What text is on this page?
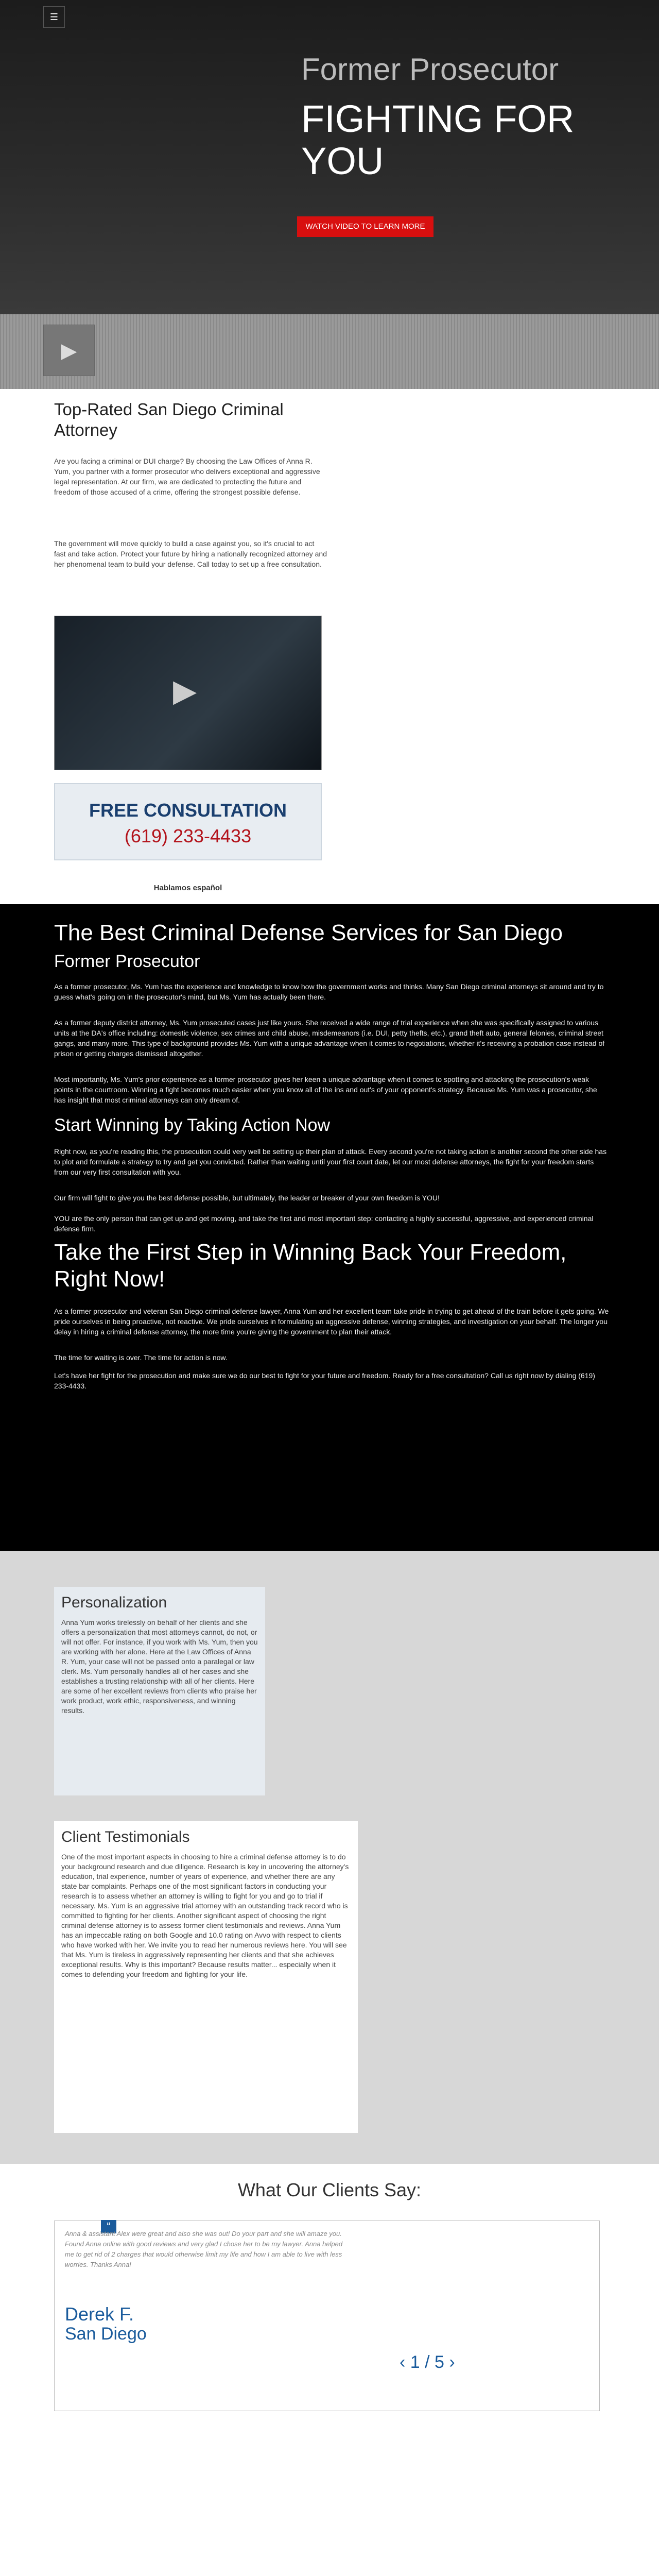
☰
Former Prosecutor
FIGHTING FOR YOU
WATCH VIDEO TO LEARN MORE
▶
Top-Rated San Diego Criminal Attorney

Are you facing a criminal or DUI charge? By choosing the Law Offices of Anna R. Yum, you partner with a former prosecutor who delivers exceptional and aggressive legal representation. At our firm, we are dedicated to protecting the future and freedom of those accused of a crime, offering the strongest possible defense.

The government will move quickly to build a case against you, so it's crucial to act fast and take action. Protect your future by hiring a nationally recognized attorney and her phenomenal team to build your defense. Call today to set up a free consultation.

▶
FREE CONSULTATION
(619) 233-4433
Hablamos español
The Best Criminal Defense Services for San Diego
Former Prosecutor

As a former prosecutor, Ms. Yum has the experience and knowledge to know how the government works and thinks. Many San Diego criminal attorneys sit around and try to guess what's going on in the prosecutor's mind, but Ms. Yum has actually been there.

As a former deputy district attorney, Ms. Yum prosecuted cases just like yours. She received a wide range of trial experience when she was specifically assigned to various units at the DA's office including: domestic violence, sex crimes and child abuse, misdemeanors (i.e. DUI, petty thefts, etc.), grand theft auto, general felonies, criminal street gangs, and many more. This type of background provides Ms. Yum with a unique advantage when it comes to negotiations, whether it's receiving a probation case instead of prison or getting charges dismissed altogether.

Most importantly, Ms. Yum's prior experience as a former prosecutor gives her keen a unique advantage when it comes to spotting and attacking the prosecution's weak points in the courtroom. Winning a fight becomes much easier when you know all of the ins and out's of your opponent's strategy. Because Ms. Yum was a prosecutor, she has insight that most criminal attorneys can only dream of.

Start Winning by Taking Action Now

Right now, as you're reading this, the prosecution could very well be setting up their plan of attack. Every second you're not taking action is another second the other side has to plot and formulate a strategy to try and get you convicted. Rather than waiting until your first court date, let our most defense attorneys, the fight for your freedom starts from our very first consultation with you.

Our firm will fight to give you the best defense possible, but ultimately, the leader or breaker of your own freedom is YOU!

YOU are the only person that can get up and get moving, and take the first and most important step: contacting a highly successful, aggressive, and experienced criminal defense firm.

Take the First Step in Winning Back Your Freedom, Right Now!

As a former prosecutor and veteran San Diego criminal defense lawyer, Anna Yum and her excellent team take pride in trying to get ahead of the train before it gets going. We pride ourselves in being proactive, not reactive. We pride ourselves in formulating an aggressive defense, winning strategies, and investigation on your behalf. The longer you delay in hiring a criminal defense attorney, the more time you're giving the government to plan their attack.

The time for waiting is over. The time for action is now.

Let's have her fight for the prosecution and make sure we do our best to fight for your future and freedom. Ready for a free consultation? Call us right now by dialing (619) 233-4433.

Personalization

Anna Yum works tirelessly on behalf of her clients and she offers a personalization that most attorneys cannot, do not, or will not offer. For instance, if you work with Ms. Yum, then you are working with her alone. Here at the Law Offices of Anna R. Yum, your case will not be passed onto a paralegal or law clerk. Ms. Yum personally handles all of her cases and she establishes a trusting relationship with all of her clients. Here are some of her excellent reviews from clients who praise her work product, work ethic, responsiveness, and winning results.

Client Testimonials

One of the most important aspects in choosing to hire a criminal defense attorney is to do your background research and due diligence. Research is key in uncovering the attorney's education, trial experience, number of years of experience, and whether there are any state bar complaints. Perhaps one of the most significant factors in conducting your research is to assess whether an attorney is willing to fight for you and go to trial if necessary. Ms. Yum is an aggressive trial attorney with an outstanding track record who is committed to fighting for her clients. Another significant aspect of choosing the right criminal defense attorney is to assess former client testimonials and reviews. Anna Yum has an impeccable rating on both Google and 10.0 rating on Avvo with respect to clients who have worked with her. We invite you to read her numerous reviews here. You will see that Ms. Yum is tireless in aggressively representing her clients and that she achieves exceptional results. Why is this important? Because results matter... especially when it comes to defending your freedom and fighting for your life.

What Our Clients Say:
“

Anna & assistant Alex were great and also she was out! Do your part and she will amaze you. Found Anna online with good reviews and very glad I chose her to be my lawyer. Anna helped me to get rid of 2 charges that would otherwise limit my life and how I am able to live with less worries. Thanks Anna!

Derek F.
San Diego
‹ 1 / 5 ›
